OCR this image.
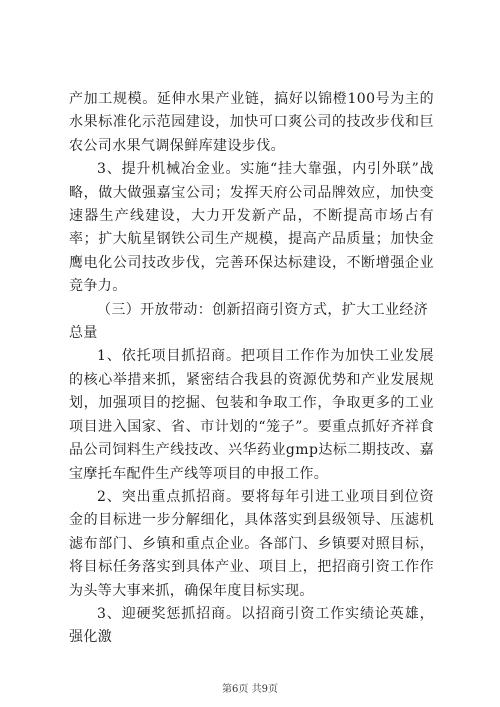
产加工规模。延伸水果产业链，搞好以锦橙100号为主的水果标准化示范园建设，加快可口爽公司的技改步伐和巨农公司水果气调保鲜库建设步伐。

3、提升机械冶金业。实施“挂大靠强，内引外联”战略，做大做强嘉宝公司；发挥天府公司品牌效应，加快变速器生产线建设，大力开发新产品，不断提高市场占有率；扩大航星钢铁公司生产规模，提高产品质量；加快金鹰电化公司技改步伐，完善环保达标建设，不断增强企业竞争力。

（三）开放带动：创新招商引资方式，扩大工业经济总量

1、依托项目抓招商。把项目工作作为加快工业发展的核心举措来抓，紧密结合我县的资源优势和产业发展规划，加强项目的挖掘、包装和争取工作，争取更多的工业项目进入国家、省、市计划的“笼子”。要重点抓好齐祥食品公司饲料生产线技改、兴华药业gmp达标二期技改、嘉宝摩托车配件生产线等项目的申报工作。

2、突出重点抓招商。要将每年引进工业项目到位资金的目标进一步分解细化，具体落实到县级领导、压滤机滤布部门、乡镇和重点企业。各部门、乡镇要对照目标，将目标任务落实到具体产业、项目上，把招商引资工作作为头等大事来抓，确保年度目标实现。

3、迎硬奖惩抓招商。以招商引资工作实绩论英雄，强化激

第6页 共9页
